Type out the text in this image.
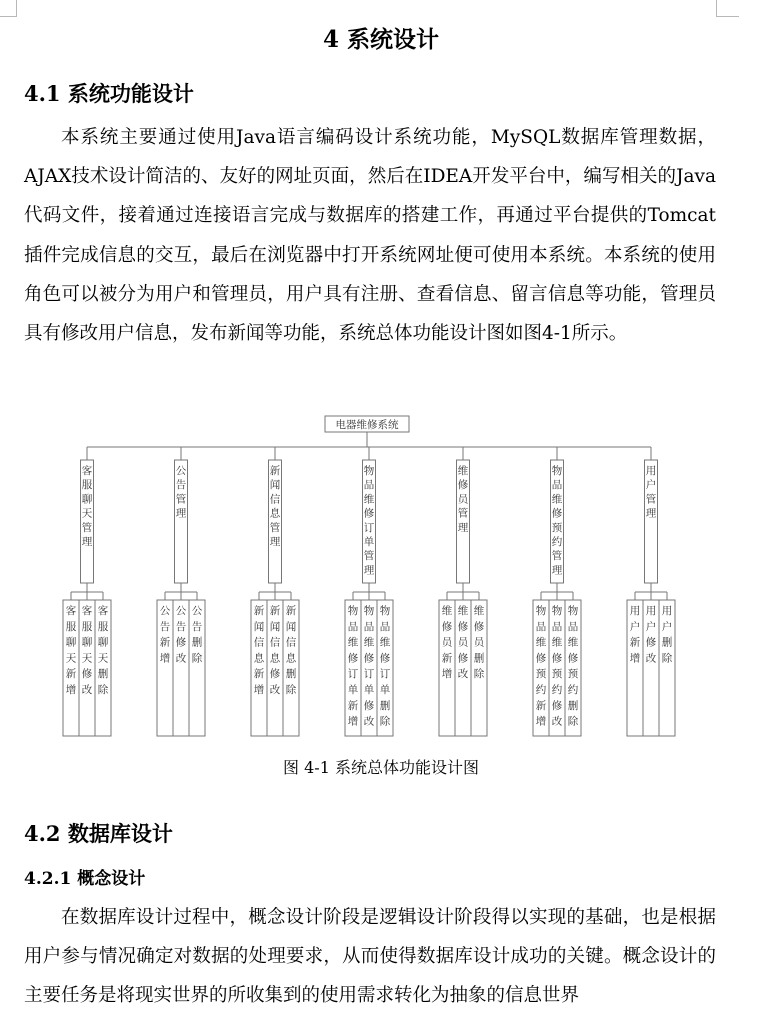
4 系统设计
4.1 系统功能设计

本系统主要通过使用Java语言编码设计系统功能，MySQL数据库管理数据，AJAX技术设计简洁的、友好的网址页面，然后在IDEA开发平台中，编写相关的Java代码文件，接着通过连接语言完成与数据库的搭建工作，再通过平台提供的Tomcat插件完成信息的交互，最后在浏览器中打开系统网址便可使用本系统。本系统的使用角色可以被分为用户和管理员，用户具有注册、查看信息、留言信息等功能，管理员具有修改用户信息，发布新闻等功能，系统总体功能设计图如图4-1所示。

电器维修系统
客服聊天管理
客服聊天新增
客服聊天修改
客服聊天删除
公告管理
公告新增
公告修改
公告删除
新闻信息管理
新闻信息新增
新闻信息修改
新闻信息删除
物品维修订单管理
物品维修订单新增
物品维修订单修改
物品维修订单删除
维修员管理
维修员新增
维修员修改
维修员删除
物品维修预约管理
物品维修预约新增
物品维修预约修改
物品维修预约删除
用户管理
用户新增
用户修改
用户删除
图 4-1 系统总体功能设计图
4.2 数据库设计
4.2.1 概念设计

在数据库设计过程中，概念设计阶段是逻辑设计阶段得以实现的基础，也是根据用户参与情况确定对数据的处理要求，从而使得数据库设计成功的关键。概念设计的主要任务是将现实世界的所收集到的使用需求转化为抽象的信息世界
